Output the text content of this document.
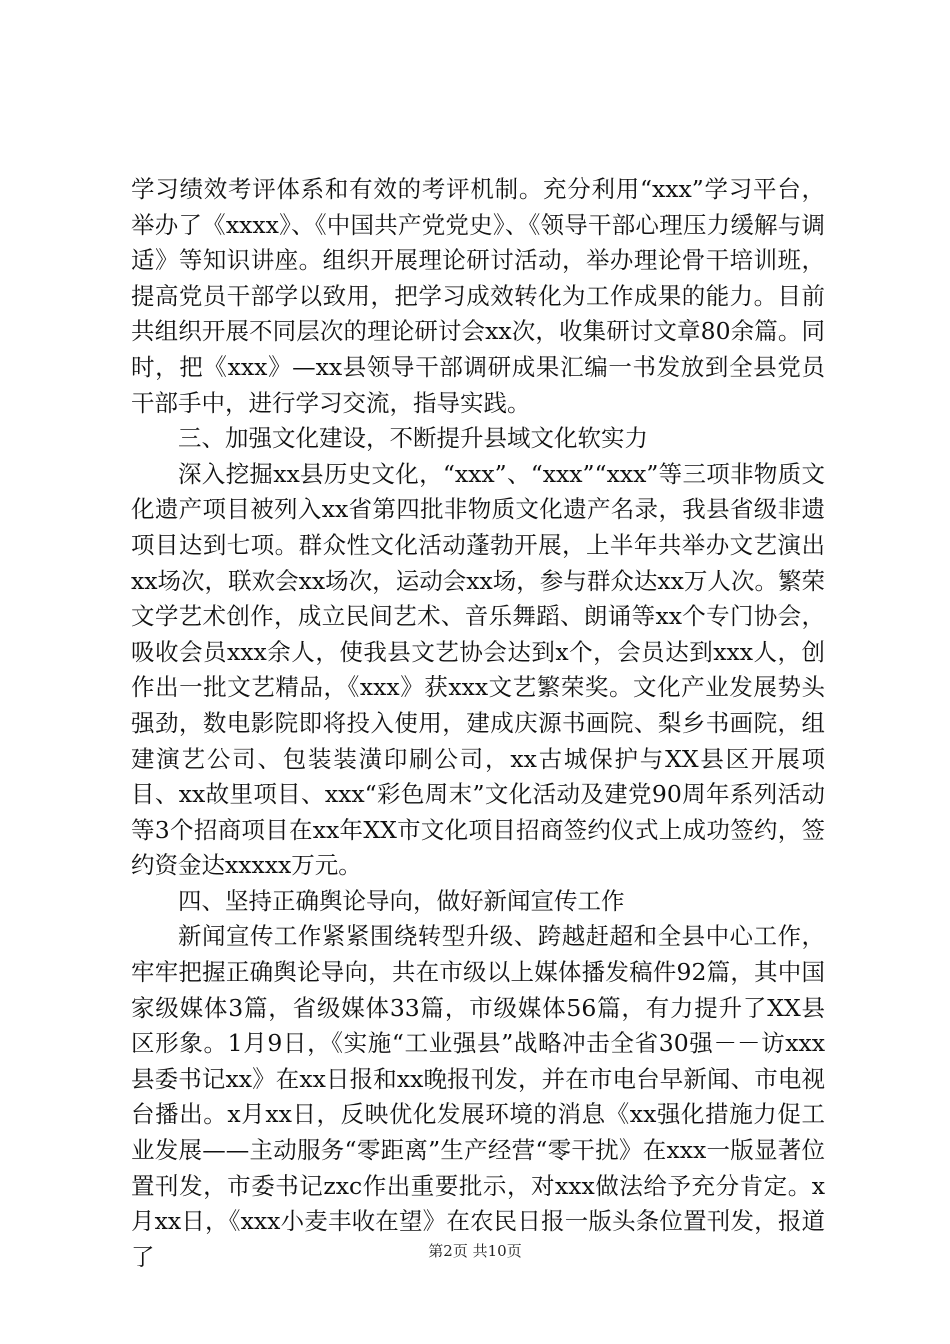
学习绩效考评体系和有效的考评机制。充分利用“xxx”学习平台，举办了《xxxx》、《中国共产党党史》、《领导干部心理压力缓解与调适》等知识讲座。组织开展理论研讨活动，举办理论骨干培训班，提高党员干部学以致用，把学习成效转化为工作成果的能力。目前共组织开展不同层次的理论研讨会xx次，收集研讨文章80余篇。同时，把《xxx》—xx县领导干部调研成果汇编一书发放到全县党员干部手中，进行学习交流，指导实践。

三、加强文化建设，不断提升县域文化软实力

深入挖掘xx县历史文化，“xxx”、“xxx”“xxx”等三项非物质文化遗产项目被列入xx省第四批非物质文化遗产名录，我县省级非遗项目达到七项。群众性文化活动蓬勃开展，上半年共举办文艺演出xx场次，联欢会xx场次，运动会xx场，参与群众达xx万人次。繁荣文学艺术创作，成立民间艺术、音乐舞蹈、朗诵等xx个专门协会，吸收会员xxx余人，使我县文艺协会达到x个，会员达到xxx人，创作出一批文艺精品，《xxx》获xxx文艺繁荣奖。文化产业发展势头强劲，数电影院即将投入使用，建成庆源书画院、梨乡书画院，组建演艺公司、包装装潢印刷公司，xx古城保护与XX县区开展项目、xx故里项目、xxx“彩色周末”文化活动及建党90周年系列活动等3个招商项目在xx年XX市文化项目招商签约仪式上成功签约，签约资金达xxxxx万元。

四、坚持正确舆论导向，做好新闻宣传工作

新闻宣传工作紧紧围绕转型升级、跨越赶超和全县中心工作，牢牢把握正确舆论导向，共在市级以上媒体播发稿件92篇，其中国家级媒体3篇，省级媒体33篇，市级媒体56篇，有力提升了XX县区形象。1月9日，《实施“工业强县”战略冲击全省30强－－访xxx县委书记xx》在xx日报和xx晚报刊发，并在市电台早新闻、市电视台播出。x月xx日，反映优化发展环境的消息《xx强化措施力促工业发展——主动服务“零距离”生产经营“零干扰》在xxx一版显著位置刊发，市委书记zxc作出重要批示，对xxx做法给予充分肯定。x月xx日，《xxx小麦丰收在望》在农民日报一版头条位置刊发，报道了	第2页 共10页
